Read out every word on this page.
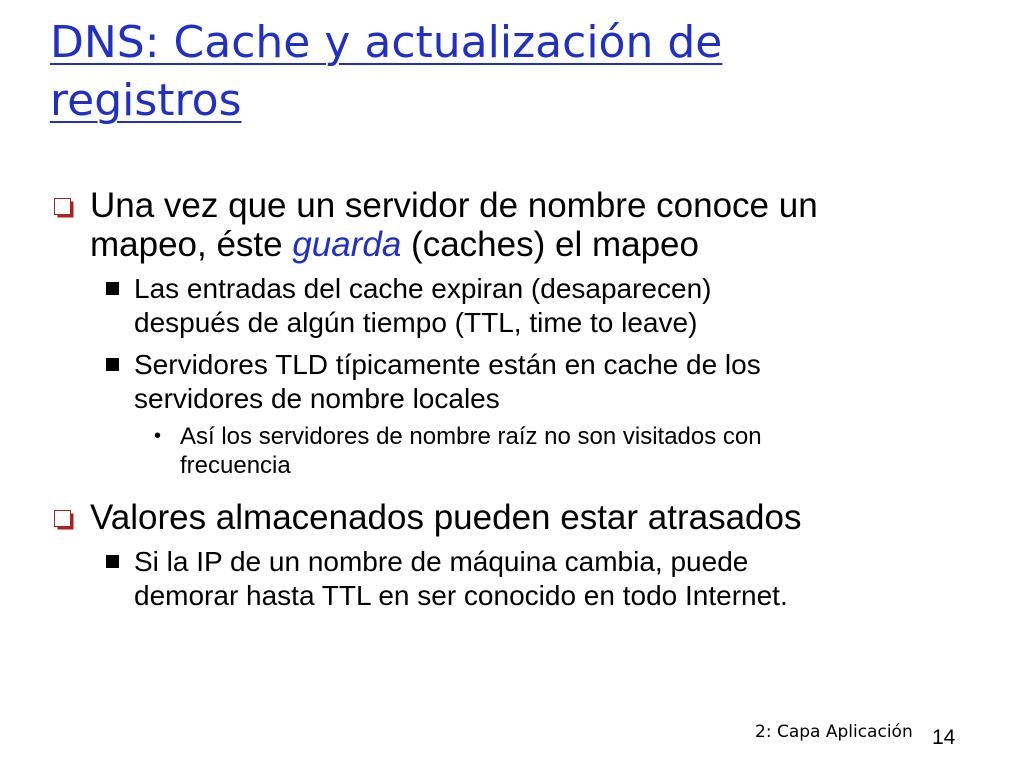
DNS: Cache y actualización de
registros
Una vez que un servidor de nombre conoce un
mapeo, éste guarda (caches) el mapeo
Las entradas del cache expiran (desaparecen)
después de algún tiempo (TTL, time to leave)
Servidores TLD típicamente están en cache de los
servidores de nombre locales
• Así los servidores de nombre raíz no son visitados con
frecuencia
Valores almacenados pueden estar atrasados
Si la IP de un nombre de máquina cambia, puede
demorar hasta TTL en ser conocido en todo Internet.
2: Capa Aplicación 14
